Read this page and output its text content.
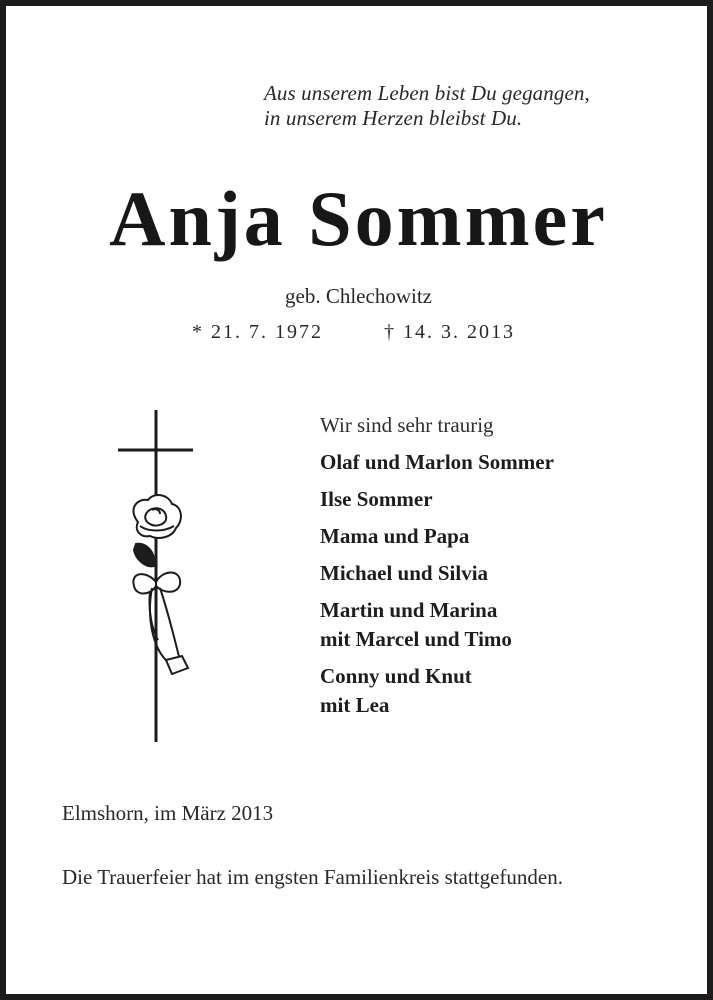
Aus unserem Leben bist Du gegangen,
in unserem Herzen bleibst Du.
Anja Sommer
geb. Chlechowitz
* 21. 7. 1972	† 14. 3. 2013
Wir sind sehr traurig
Olaf und Marlon Sommer
Ilse Sommer
Mama und Papa
Michael und Silvia
Martin und Marina
mit Marcel und Timo
Conny und Knut
mit Lea
Elmshorn, im März 2013
Die Trauerfeier hat im engsten Familienkreis stattgefunden.
